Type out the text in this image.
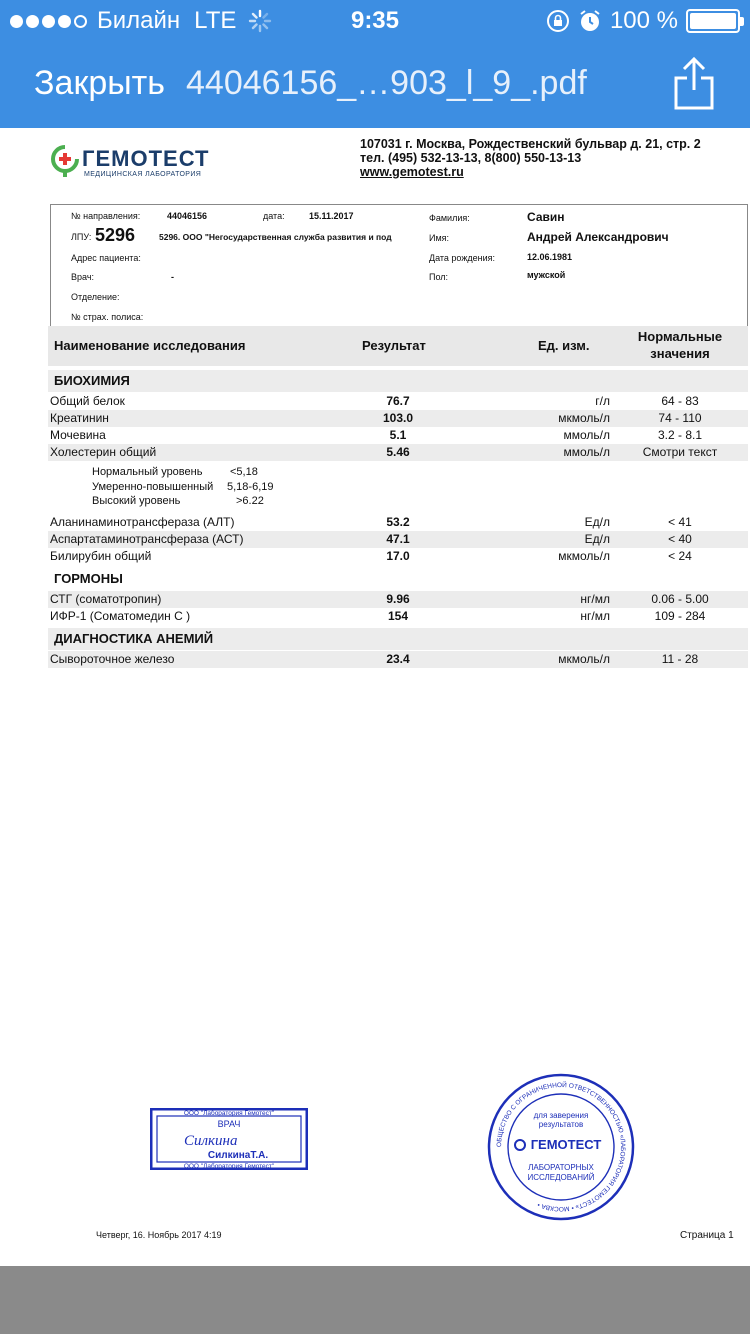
Билайн LTE	9:35	100 %
Закрыть 44046156_…903_l_9_.pdf
ГЕМОТЕСТ
МЕДИЦИНСКАЯ ЛАБОРАТОРИЯ
107031 г. Москва, Рождественский бульвар д. 21, стр. 2
тел. (495) 532-13-13, 8(800) 550-13-13
www.gemotest.ru
№ направления:	44046156	дата:	15.11.2017
ЛПУ: 5296	5296. ООО "Негосударственная служба развития и под
Адрес пациента:
Врач:	-
Отделение:
№ страх. полиса:
Фамилия:	Савин
Имя:	Андрей Александрович
Дата рождения:	12.06.1981
Пол:	мужской
Наименование исследования	Результат	Ед. изм.
Нормальные
значения
БИОХИМИЯ
Общий белок	76.7	г/л	64 - 83
Креатинин	103.0	мкмоль/л	74 - 110
Мочевина	5.1	ммоль/л	3.2 - 8.1
Холестерин общий	5.46	ммоль/л	Смотри текст
Нормальный уровень	<5,18
Умеренно-повышенный 5,18-6,19
Высокий уровень	>6.22
Аланинаминотрансфераза (АЛТ)	53.2	Ед/л	< 41
Аспартатаминотрансфераза (АСТ)	47.1	Ед/л	< 40
Билирубин общий	17.0	мкмоль/л	< 24
ГОРМОНЫ
СТГ (соматотропин)	9.96	нг/мл	0.06 - 5.00
ИФР-1 (Соматомедин С )	154	нг/мл	109 - 284
ДИАГНОСТИКА АНЕМИЙ
Сывороточное железо	23.4	мкмоль/л	11 - 28
ООО "Лаборатория Гемотест"
ВРАЧ
Силкина
СилкинаТ.А.
ООО "Лаборатория Гемотест"
ОБЩЕСТВО С ОГРАНИЧЕННОЙ ОТВЕТСТВЕННОСТЬЮ «ЛАБОРАТОРИЯ ГЕМОТЕСТ» • МОСКВА •
для заверения
результатов
ГЕМОТЕСТ
ЛАБОРАТОРНЫХ
ИССЛЕДОВАНИЙ
Четверг, 16. Ноябрь 2017 4:19	Страница 1
